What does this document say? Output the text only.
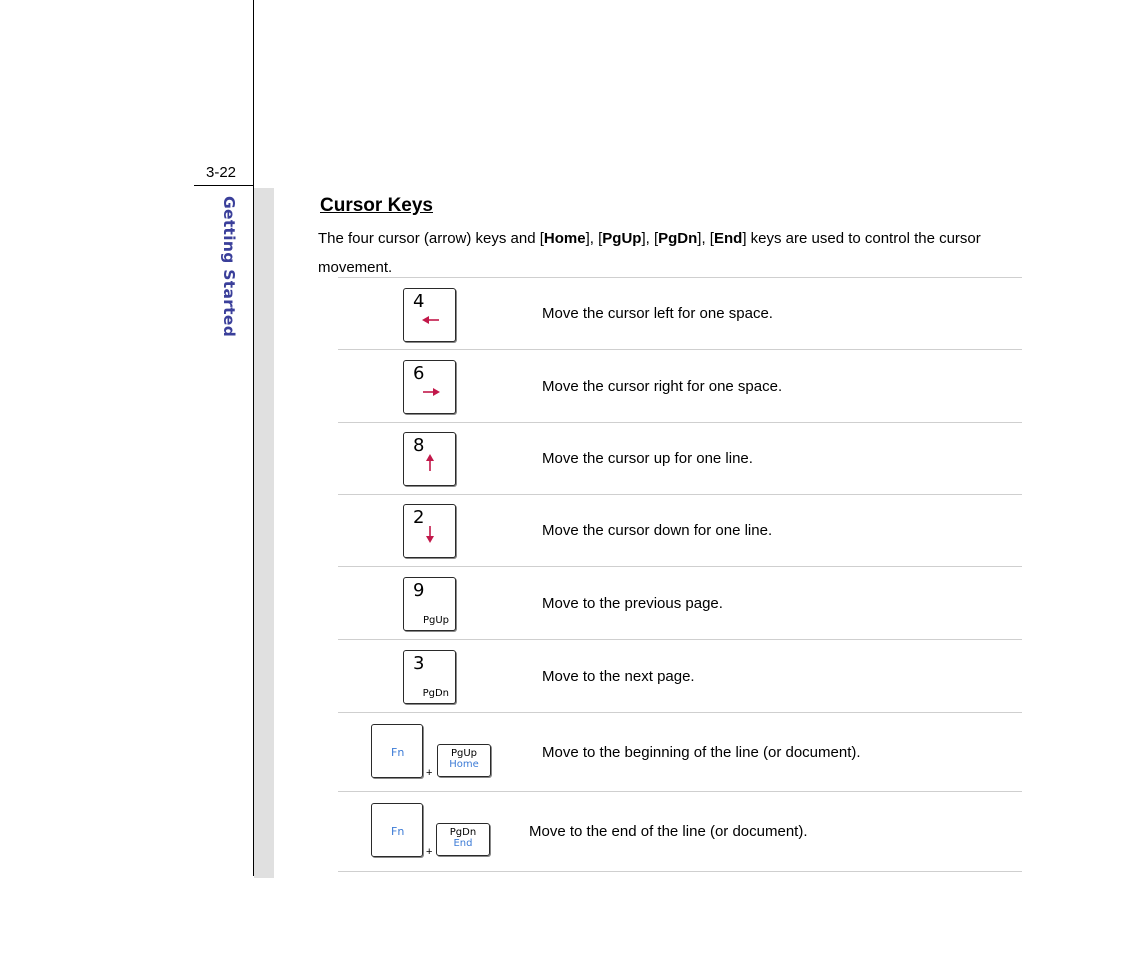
3-22
Getting Started	Cursor Keys
The four cursor (arrow) keys and [Home], [PgUp], [PgDn], [End] keys are used to control the cursor movement.
4
Move the cursor left for one space.
6
Move the cursor right for one space.
8
Move the cursor up for one line.
2
Move the cursor down for one line.
9
PgUp
Move to the previous page.
3
PgDn
Move to the next page.
Fn
+
PgUp
Home
Move to the beginning of the line (or document).
Fn
+
PgDn
End
Move to the end of the line (or document).
